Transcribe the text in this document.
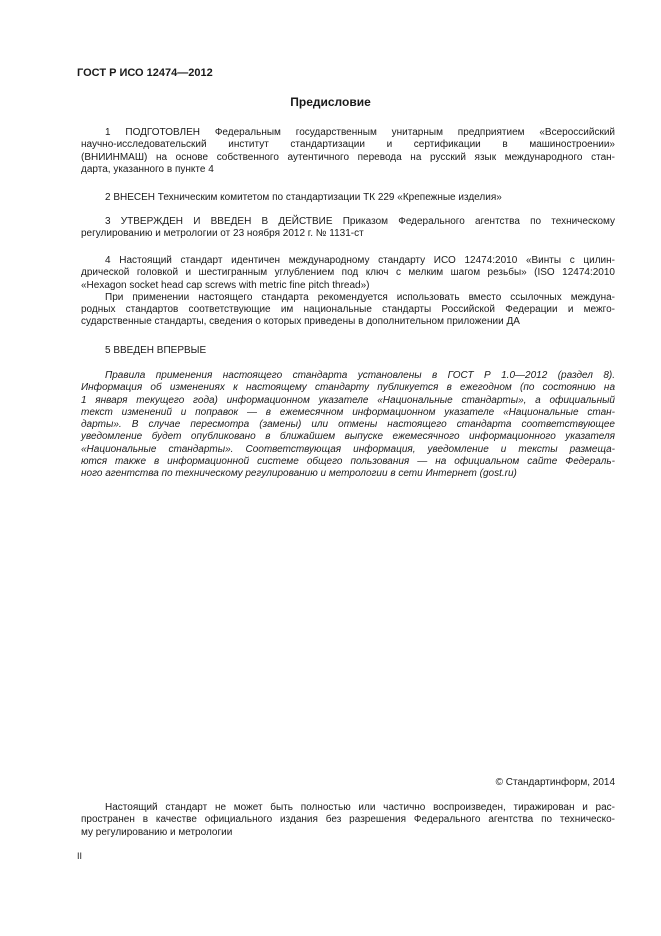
ГОСТ Р ИСО 12474—2012
Предисловие
1 ПОДГОТОВЛЕН Федеральным государственным унитарным предприятием «Всероссийский
научно-исследовательский институт стандартизации и сертификации в машиностроении»
(ВНИИНМАШ) на основе собственного аутентичного перевода на русский язык международного стан-
дарта, указанного в пункте 4
2 ВНЕСЕН Техническим комитетом по стандартизации ТК 229 «Крепежные изделия»
3 УТВЕРЖДЕН И ВВЕДЕН В ДЕЙСТВИЕ Приказом Федерального агентства по техническому
регулированию и метрологии от 23 ноября 2012 г. № 1131-ст
4 Настоящий стандарт идентичен международному стандарту ИСО 12474:2010 «Винты с цилин-
дрической головкой и шестигранным углублением под ключ с мелким шагом резьбы» (ISO 12474:2010
«Hexagon socket head cap screws with metric fine pitch thread»)
При применении настоящего стандарта рекомендуется использовать вместо ссылочных междуна-
родных стандартов соответствующие им национальные стандарты Российской Федерации и межго-
сударственные стандарты, сведения о которых приведены в дополнительном приложении ДА
5 ВВЕДЕН ВПЕРВЫЕ
Правила применения настоящего стандарта установлены в ГОСТ Р 1.0—2012 (раздел 8).
Информация об изменениях к настоящему стандарту публикуется в ежегодном (по состоянию на
1 января текущего года) информационном указателе «Национальные стандарты», а официальный
текст изменений и поправок — в ежемесячном информационном указателе «Национальные стан-
дарты». В случае пересмотра (замены) или отмены настоящего стандарта соответствующее
уведомление будет опубликовано в ближайшем выпуске ежемесячного информационного указателя
«Национальные стандарты». Соответствующая информация, уведомление и тексты размеща-
ются также в информационной системе общего пользования — на официальном сайте Федераль-
ного агентства по техническому регулированию и метрологии в сети Интернет (gost.ru)
© Стандартинформ, 2014
Настоящий стандарт не может быть полностью или частично воспроизведен, тиражирован и рас-
пространен в качестве официального издания без разрешения Федерального агентства по техническо-
му регулированию и метрологии
II
